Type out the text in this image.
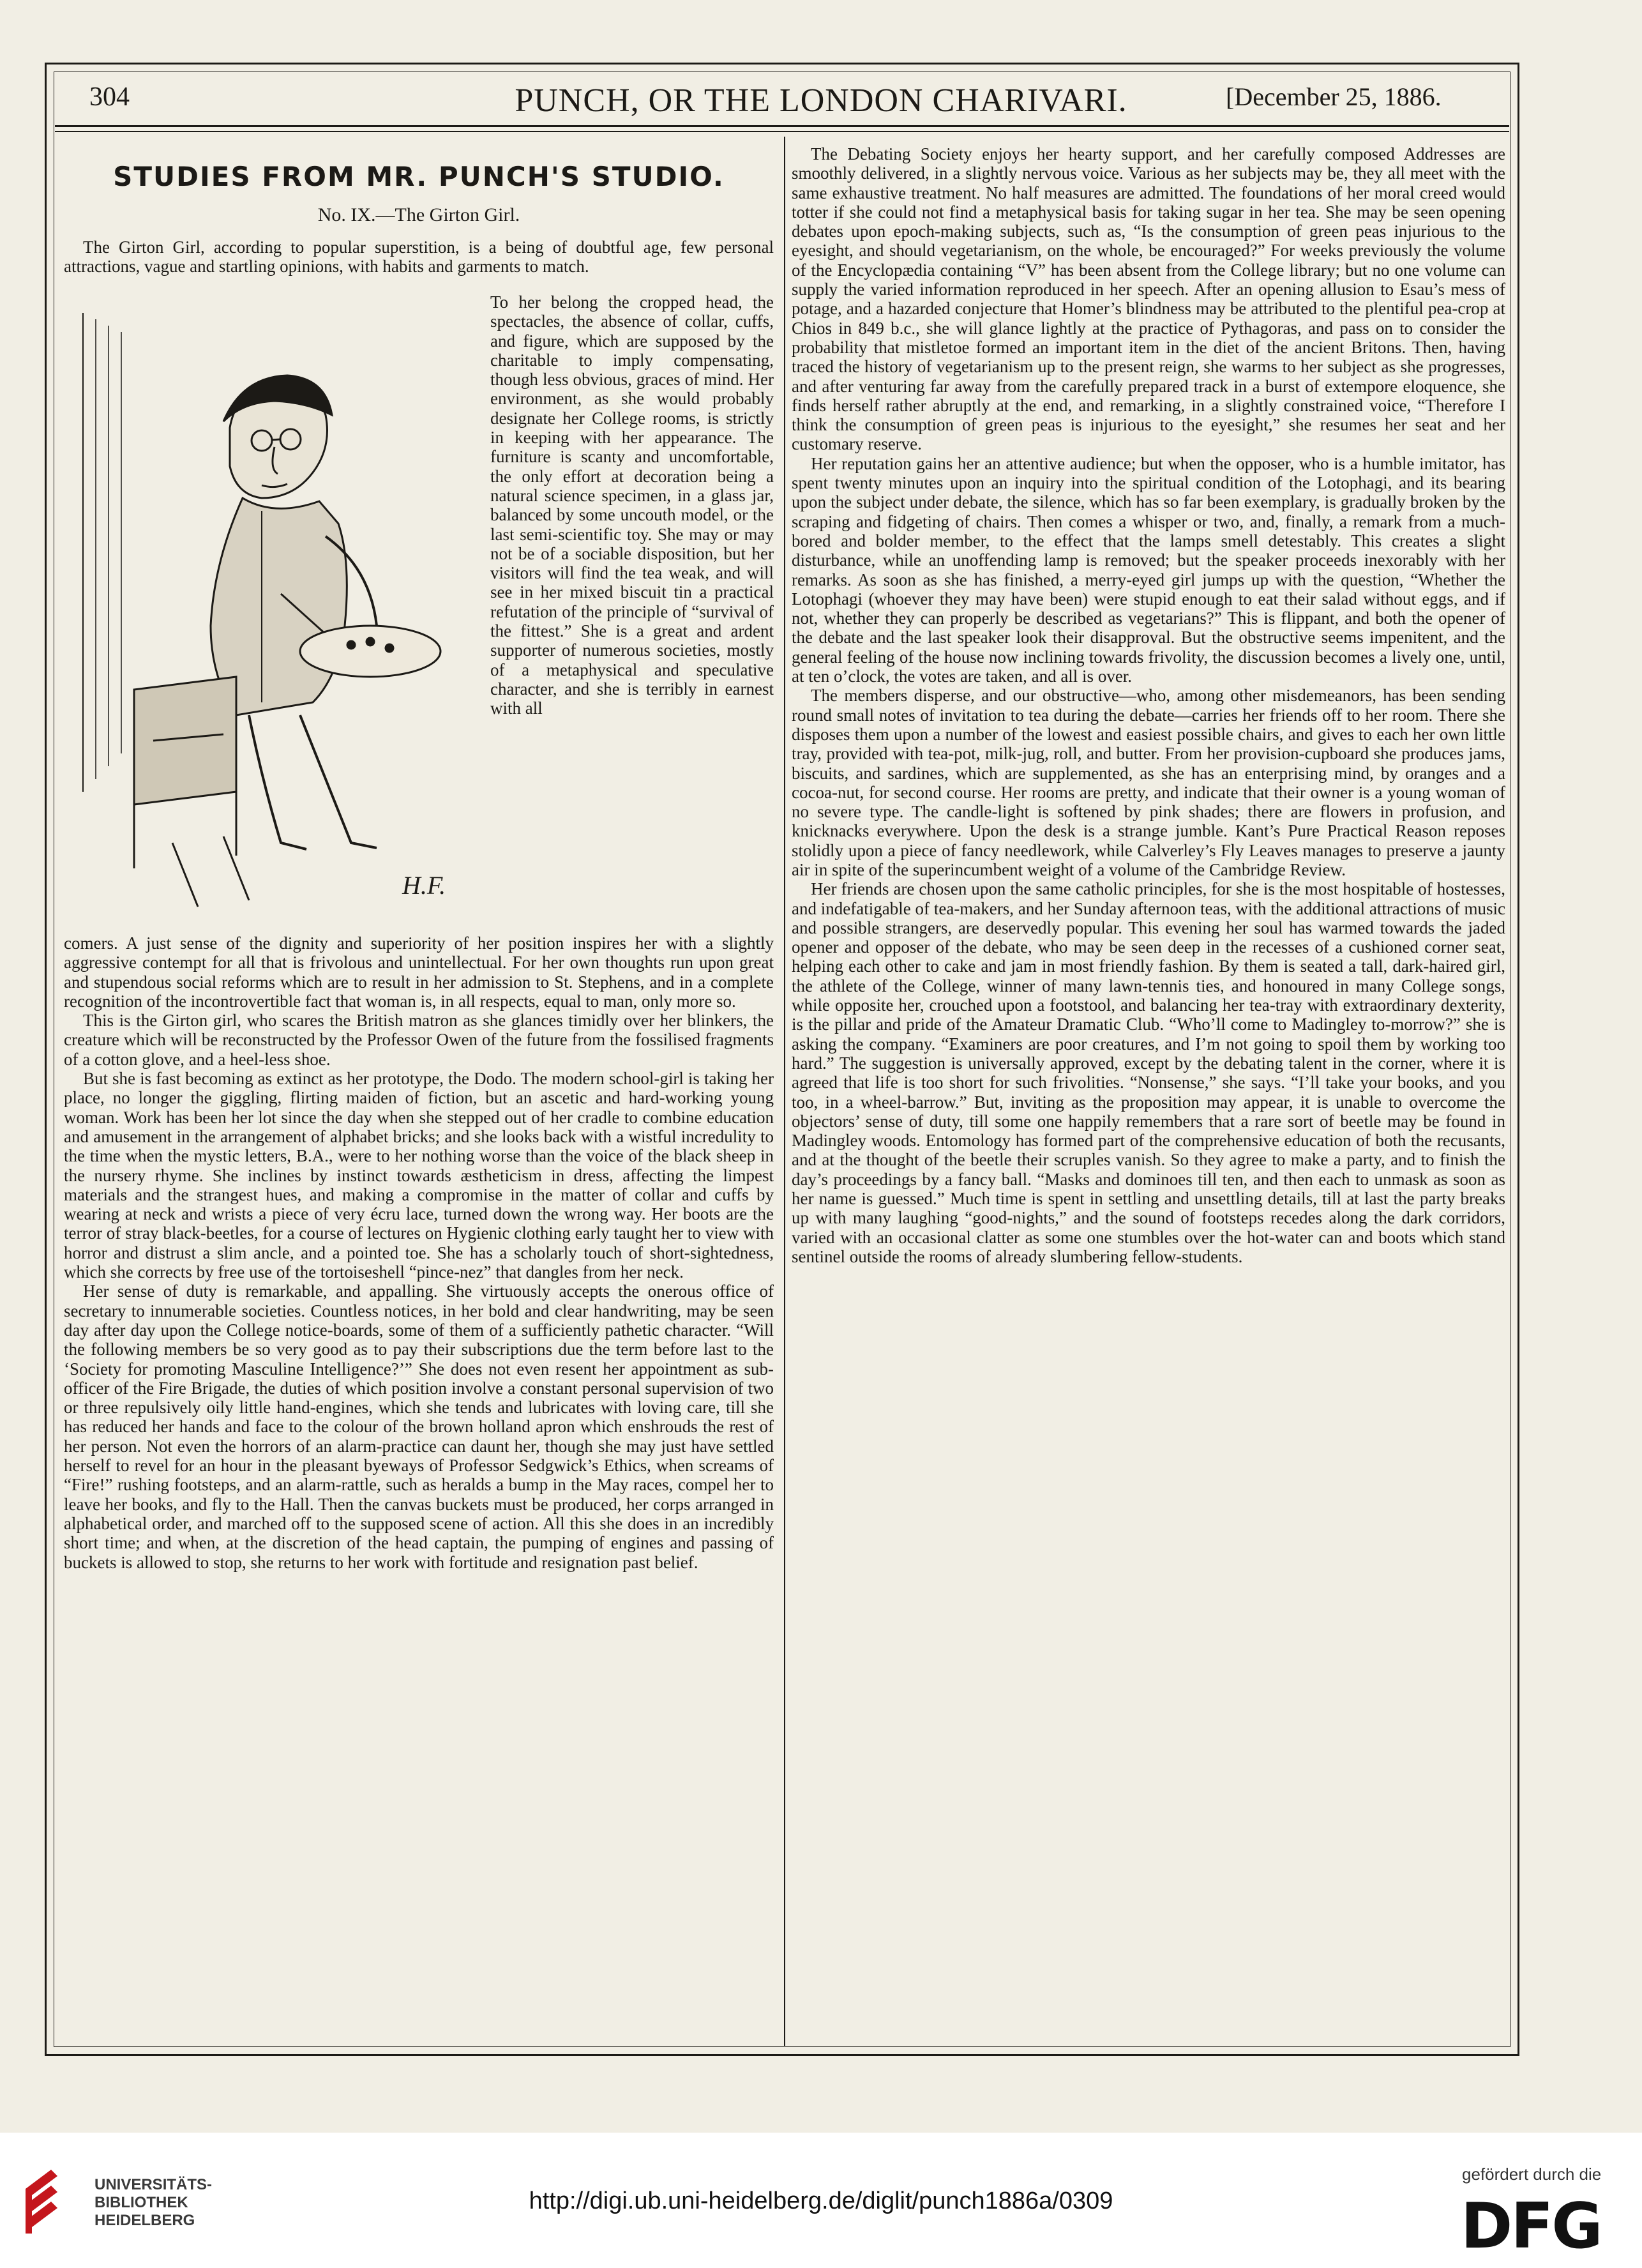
304	PUNCH, OR THE LONDON CHARIVARI.	[December 25, 1886.
STUDIES FROM MR. PUNCH'S STUDIO.
No. IX.—The Girton Girl.

The Girton Girl, according to popular superstition, is a being of doubtful age, few personal attractions, vague and startling opinions, with habits and garments to match.

H.F.

To her belong the cropped head, the spectacles, the absence of collar, cuffs, and figure, which are supposed by the charitable to imply compensating, though less obvious, graces of mind. Her environment, as she would probably designate her College rooms, is strictly in keeping with her appearance. The furniture is scanty and uncomfortable, the only effort at decoration being a natural science specimen, in a glass jar, balanced by some uncouth model, or the last semi-scientific toy. She may or may not be of a sociable disposition, but her visitors will find the tea weak, and will see in her mixed biscuit tin a practical refutation of the principle of “survival of the fittest.” She is a great and ardent supporter of numerous societies, mostly of a metaphysical and speculative character, and she is terribly in earnest with all

comers. A just sense of the dignity and superiority of her position inspires her with a slightly aggressive contempt for all that is frivolous and unintellectual. For her own thoughts run upon great and stupendous social reforms which are to result in her admission to St. Stephens, and in a complete recognition of the incontrovertible fact that woman is, in all respects, equal to man, only more so.

This is the Girton girl, who scares the British matron as she glances timidly over her blinkers, the creature which will be reconstructed by the Professor Owen of the future from the fossilised fragments of a cotton glove, and a heel-less shoe.

But she is fast becoming as extinct as her prototype, the Dodo. The modern school-girl is taking her place, no longer the giggling, flirting maiden of fiction, but an ascetic and hard-working young woman. Work has been her lot since the day when she stepped out of her cradle to combine education and amusement in the arrangement of alphabet bricks; and she looks back with a wistful incredulity to the time when the mystic letters, B.A., were to her nothing worse than the voice of the black sheep in the nursery rhyme. She inclines by instinct towards æstheticism in dress, affecting the limpest materials and the strangest hues, and making a compromise in the matter of collar and cuffs by wearing at neck and wrists a piece of very écru lace, turned down the wrong way. Her boots are the terror of stray black-beetles, for a course of lectures on Hygienic clothing early taught her to view with horror and distrust a slim ancle, and a pointed toe. She has a scholarly touch of short-sightedness, which she corrects by free use of the tortoiseshell “pince-nez” that dangles from her neck.

Her sense of duty is remarkable, and appalling. She virtuously accepts the onerous office of secretary to innumerable societies. Countless notices, in her bold and clear handwriting, may be seen day after day upon the College notice-boards, some of them of a sufficiently pathetic character. “Will the following members be so very good as to pay their subscriptions due the term before last to the ‘Society for promoting Masculine Intelligence?’” She does not even resent her appointment as sub-officer of the Fire Brigade, the duties of which position involve a constant personal supervision of two or three repulsively oily little hand-engines, which she tends and lubricates with loving care, till she has reduced her hands and face to the colour of the brown holland apron which enshrouds the rest of her person. Not even the horrors of an alarm-practice can daunt her, though she may just have settled herself to revel for an hour in the pleasant byeways of Professor Sedgwick’s Ethics, when screams of “Fire!” rushing footsteps, and an alarm-rattle, such as heralds a bump in the May races, compel her to leave her books, and fly to the Hall. Then the canvas buckets must be produced, her corps arranged in alphabetical order, and marched off to the supposed scene of action. All this she does in an incredibly short time; and when, at the discretion of the head captain, the pumping of engines and passing of buckets is allowed to stop, she returns to her work with fortitude and resignation past belief.

The Debating Society enjoys her hearty support, and her carefully composed Addresses are smoothly delivered, in a slightly nervous voice. Various as her subjects may be, they all meet with the same exhaustive treatment. No half measures are admitted. The foundations of her moral creed would totter if she could not find a metaphysical basis for taking sugar in her tea. She may be seen opening debates upon epoch-making subjects, such as, “Is the consumption of green peas injurious to the eyesight, and should vegetarianism, on the whole, be encouraged?” For weeks previously the volume of the Encyclopædia containing “V” has been absent from the College library; but no one volume can supply the varied information reproduced in her speech. After an opening allusion to Esau’s mess of potage, and a hazarded conjecture that Homer’s blindness may be attributed to the plentiful pea-crop at Chios in 849 b.c., she will glance lightly at the practice of Pythagoras, and pass on to consider the probability that mistletoe formed an important item in the diet of the ancient Britons. Then, having traced the history of vegetarianism up to the present reign, she warms to her subject as she progresses, and after venturing far away from the carefully prepared track in a burst of extempore eloquence, she finds herself rather abruptly at the end, and remarking, in a slightly constrained voice, “Therefore I think the consumption of green peas is injurious to the eyesight,” she resumes her seat and her customary reserve.

Her reputation gains her an attentive audience; but when the opposer, who is a humble imitator, has spent twenty minutes upon an inquiry into the spiritual condition of the Lotophagi, and its bearing upon the subject under debate, the silence, which has so far been exemplary, is gradually broken by the scraping and fidgeting of chairs. Then comes a whisper or two, and, finally, a remark from a much-bored and bolder member, to the effect that the lamps smell detestably. This creates a slight disturbance, while an unoffending lamp is removed; but the speaker proceeds inexorably with her remarks. As soon as she has finished, a merry-eyed girl jumps up with the question, “Whether the Lotophagi (whoever they may have been) were stupid enough to eat their salad without eggs, and if not, whether they can properly be described as vegetarians?” This is flippant, and both the opener of the debate and the last speaker look their disapproval. But the obstructive seems impenitent, and the general feeling of the house now inclining towards frivolity, the discussion becomes a lively one, until, at ten o’clock, the votes are taken, and all is over.

The members disperse, and our obstructive—who, among other misdemeanors, has been sending round small notes of invitation to tea during the debate—carries her friends off to her room. There she disposes them upon a number of the lowest and easiest possible chairs, and gives to each her own little tray, provided with tea-pot, milk-jug, roll, and butter. From her provision-cupboard she produces jams, biscuits, and sardines, which are supplemented, as she has an enterprising mind, by oranges and a cocoa-nut, for second course. Her rooms are pretty, and indicate that their owner is a young woman of no severe type. The candle-light is softened by pink shades; there are flowers in profusion, and knicknacks everywhere. Upon the desk is a strange jumble. Kant’s Pure Practical Reason reposes stolidly upon a piece of fancy needlework, while Calverley’s Fly Leaves manages to preserve a jaunty air in spite of the superincumbent weight of a volume of the Cambridge Review.

Her friends are chosen upon the same catholic principles, for she is the most hospitable of hostesses, and indefatigable of tea-makers, and her Sunday afternoon teas, with the additional attractions of music and possible strangers, are deservedly popular. This evening her soul has warmed towards the jaded opener and opposer of the debate, who may be seen deep in the recesses of a cushioned corner seat, helping each other to cake and jam in most friendly fashion. By them is seated a tall, dark-haired girl, the athlete of the College, winner of many lawn-tennis ties, and honoured in many College songs, while opposite her, crouched upon a footstool, and balancing her tea-tray with extraordinary dexterity, is the pillar and pride of the Amateur Dramatic Club. “Who’ll come to Madingley to-morrow?” she is asking the company. “Examiners are poor creatures, and I’m not going to spoil them by working too hard.” The suggestion is universally approved, except by the debating talent in the corner, where it is agreed that life is too short for such frivolities. “Nonsense,” she says. “I’ll take your books, and you too, in a wheel-barrow.” But, inviting as the proposition may appear, it is unable to overcome the objectors’ sense of duty, till some one happily remembers that a rare sort of beetle may be found in Madingley woods. Entomology has formed part of the comprehensive education of both the recusants, and at the thought of the beetle their scruples vanish. So they agree to make a party, and to finish the day’s proceedings by a fancy ball. “Masks and dominoes till ten, and then each to unmask as soon as her name is guessed.” Much time is spent in settling and unsettling details, till at last the party breaks up with many laughing “good-nights,” and the sound of footsteps recedes along the dark corridors, varied with an occasional clatter as some one stumbles over the hot-water can and boots which stand sentinel outside the rooms of already slumbering fellow-students.

UNIVERSITÄTS-
BIBLIOTHEK
HEIDELBERG
http://digi.ub.uni-heidelberg.de/diglit/punch1886a/0309
gefördert durch die
DFG
